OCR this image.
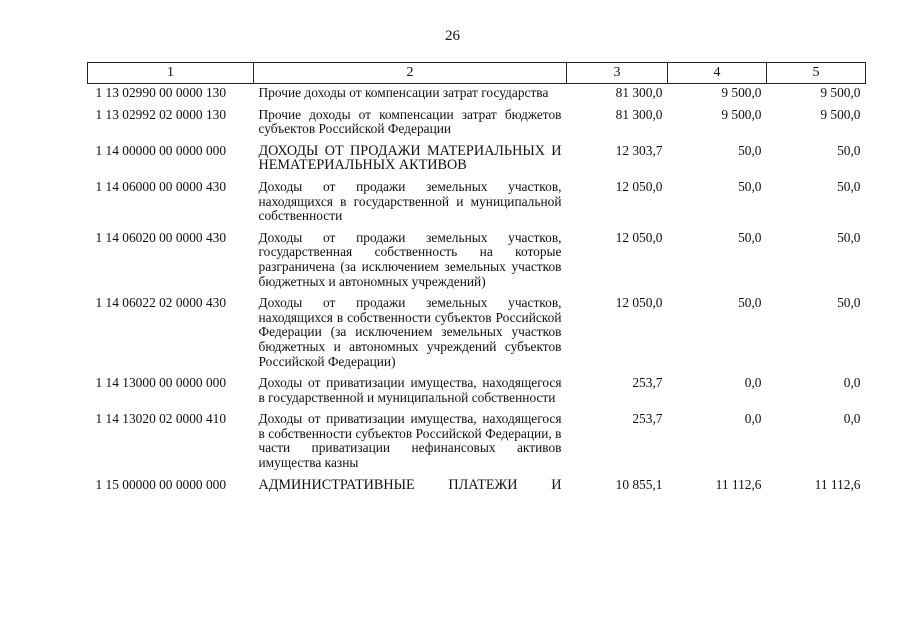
26
1	2	3	4	5
1 13 02990 00 0000 130	Прочие доходы от компенсации затрат государства	81 300,0	9 500,0	9 500,0
1 13 02992 02 0000 130	Прочие доходы от компенсации затрат бюджетов субъектов Российской Федерации	81 300,0	9 500,0	9 500,0
1 14 00000 00 0000 000	ДОХОДЫ ОТ ПРОДАЖИ МАТЕРИАЛЬНЫХ И НЕМАТЕРИАЛЬНЫХ АКТИВОВ	12 303,7	50,0	50,0
1 14 06000 00 0000 430	Доходы от продажи земельных участков, находящихся в государственной и муниципальной собственности	12 050,0	50,0	50,0
1 14 06020 00 0000 430	Доходы от продажи земельных участков, государственная собственность на которые разграничена (за исключением земельных участков бюджетных и автономных учреждений)	12 050,0	50,0	50,0
1 14 06022 02 0000 430	Доходы от продажи земельных участков, находящихся в собственности субъектов Российской Федерации (за исключением земельных участков бюджетных и автономных учреждений субъектов Российской Федерации)	12 050,0	50,0	50,0
1 14 13000 00 0000 000	Доходы от приватизации имущества, находящегося в государственной и муниципальной собственности	253,7	0,0	0,0
1 14 13020 02 0000 410	Доходы от приватизации имущества, находящегося в собственности субъектов Российской Федерации, в части приватизации нефинансовых активов имущества казны	253,7	0,0	0,0
1 15 00000 00 0000 000	АДМИНИСТРАТИВНЫЕ ПЛАТЕЖИ И	10 855,1	11 112,6	11 112,6
